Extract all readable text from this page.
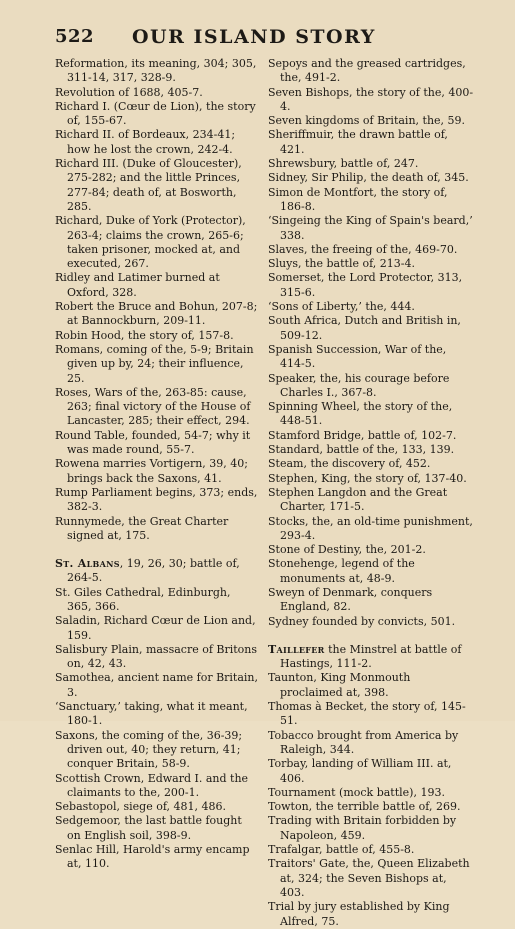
522 OUR ISLAND STORY

Reformation, its meaning, 304; 305, 311-14, 317, 328-9.

Revolution of 1688, 405-7.

Richard I. (Cœur de Lion), the story of, 155-67.

Richard II. of Bordeaux, 234-41; how he lost the crown, 242-4.

Richard III. (Duke of Gloucester), 275-282; and the little Princes, 277-84; death of, at Bosworth, 285.

Richard, Duke of York (Protector), 263-4; claims the crown, 265-6; taken prisoner, mocked at, and executed, 267.

Ridley and Latimer burned at Oxford, 328.

Robert the Bruce and Bohun, 207-8; at Bannockburn, 209-11.

Robin Hood, the story of, 157-8.

Romans, coming of the, 5-9; Britain given up by, 24; their influence, 25.

Roses, Wars of the, 263-85: cause, 263; final victory of the House of Lancaster, 285; their effect, 294.

Round Table, founded, 54-7; why it was made round, 55-7.

Rowena marries Vortigern, 39, 40; brings back the Saxons, 41.

Rump Parliament begins, 373; ends, 382-3.

Runnymede, the Great Charter signed at, 175.

St. Albans, 19, 26, 30; battle of, 264-5.

St. Giles Cathedral, Edinburgh, 365, 366.

Saladin, Richard Cœur de Lion and, 159.

Salisbury Plain, massacre of Britons on, 42, 43.

Samothea, ancient name for Britain, 3.

‘Sanctuary,’ taking, what it meant, 180-1.

Saxons, the coming of the, 36-39; driven out, 40; they return, 41; conquer Britain, 58-9.

Scottish Crown, Edward I. and the claimants to the, 200-1.

Sebastopol, siege of, 481, 486.

Sedgemoor, the last battle fought on English soil, 398-9.

Senlac Hill, Harold's army encamp at, 110.

Sepoys and the greased cartridges, the, 491-2.

Seven Bishops, the story of the, 400-4.

Seven kingdoms of Britain, the, 59.

Sheriffmuir, the drawn battle of, 421.

Shrewsbury, battle of, 247.

Sidney, Sir Philip, the death of, 345.

Simon de Montfort, the story of, 186-8.

‘Singeing the King of Spain's beard,’ 338.

Slaves, the freeing of the, 469-70.

Sluys, the battle of, 213-4.

Somerset, the Lord Protector, 313, 315-6.

‘Sons of Liberty,’ the, 444.

South Africa, Dutch and British in, 509-12.

Spanish Succession, War of the, 414-5.

Speaker, the, his courage before Charles I., 367-8.

Spinning Wheel, the story of the, 448-51.

Stamford Bridge, battle of, 102-7.

Standard, battle of the, 133, 139.

Steam, the discovery of, 452.

Stephen, King, the story of, 137-40.

Stephen Langdon and the Great Charter, 171-5.

Stocks, the, an old-time punishment, 293-4.

Stone of Destiny, the, 201-2.

Stonehenge, legend of the monuments at, 48-9.

Sweyn of Denmark, conquers England, 82.

Sydney founded by convicts, 501.

Taillefer the Minstrel at battle of Hastings, 111-2.

Taunton, King Monmouth proclaimed at, 398.

Thomas à Becket, the story of, 145-51.

Tobacco brought from America by Raleigh, 344.

Torbay, landing of William III. at, 406.

Tournament (mock battle), 193.

Towton, the terrible battle of, 269.

Trading with Britain forbidden by Napoleon, 459.

Trafalgar, battle of, 455-8.

Traitors' Gate, the, Queen Elizabeth at, 324; the Seven Bishops at, 403.

Trial by jury established by King Alfred, 75.
